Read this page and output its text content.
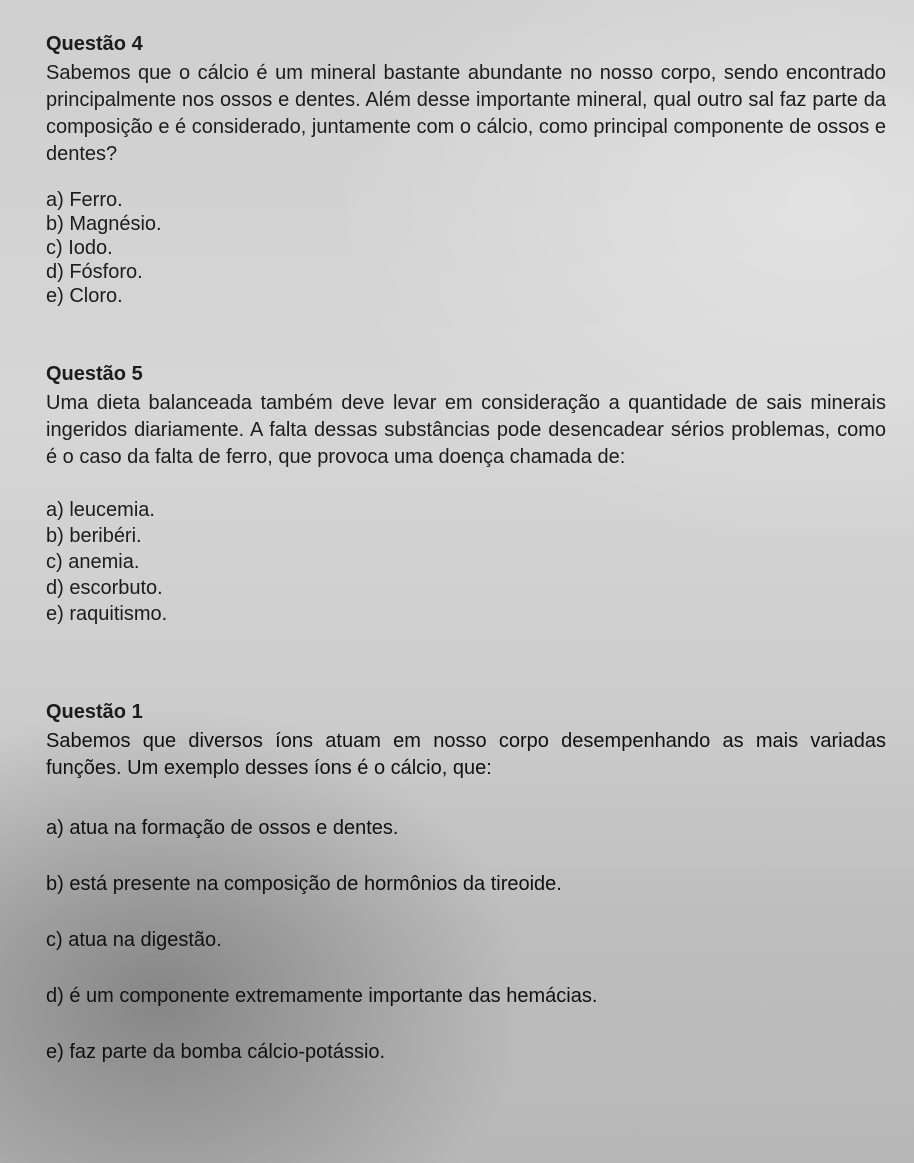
Questão 4

Sabemos que o cálcio é um mineral bastante abundante no nosso corpo, sendo encontrado principalmente nos ossos e dentes. Além desse importante mineral, qual outro sal faz parte da composição e é considerado, juntamente com o cálcio, como principal componente de ossos e dentes?

a) Ferro.
b) Magnésio.
c) Iodo.
d) Fósforo.
e) Cloro.
Questão 5

Uma dieta balanceada também deve levar em consideração a quantidade de sais minerais ingeridos diariamente. A falta dessas substâncias pode desencadear sérios problemas, como é o caso da falta de ferro, que provoca uma doença chamada de:

a) leucemia.
b) beribéri.
c) anemia.
d) escorbuto.
e) raquitismo.
Questão 1

Sabemos que diversos íons atuam em nosso corpo desempenhando as mais variadas funções. Um exemplo desses íons é o cálcio, que:

a) atua na formação de ossos e dentes.
b) está presente na composição de hormônios da tireoide.
c) atua na digestão.
d) é um componente extremamente importante das hemácias.
e) faz parte da bomba cálcio-potássio.
